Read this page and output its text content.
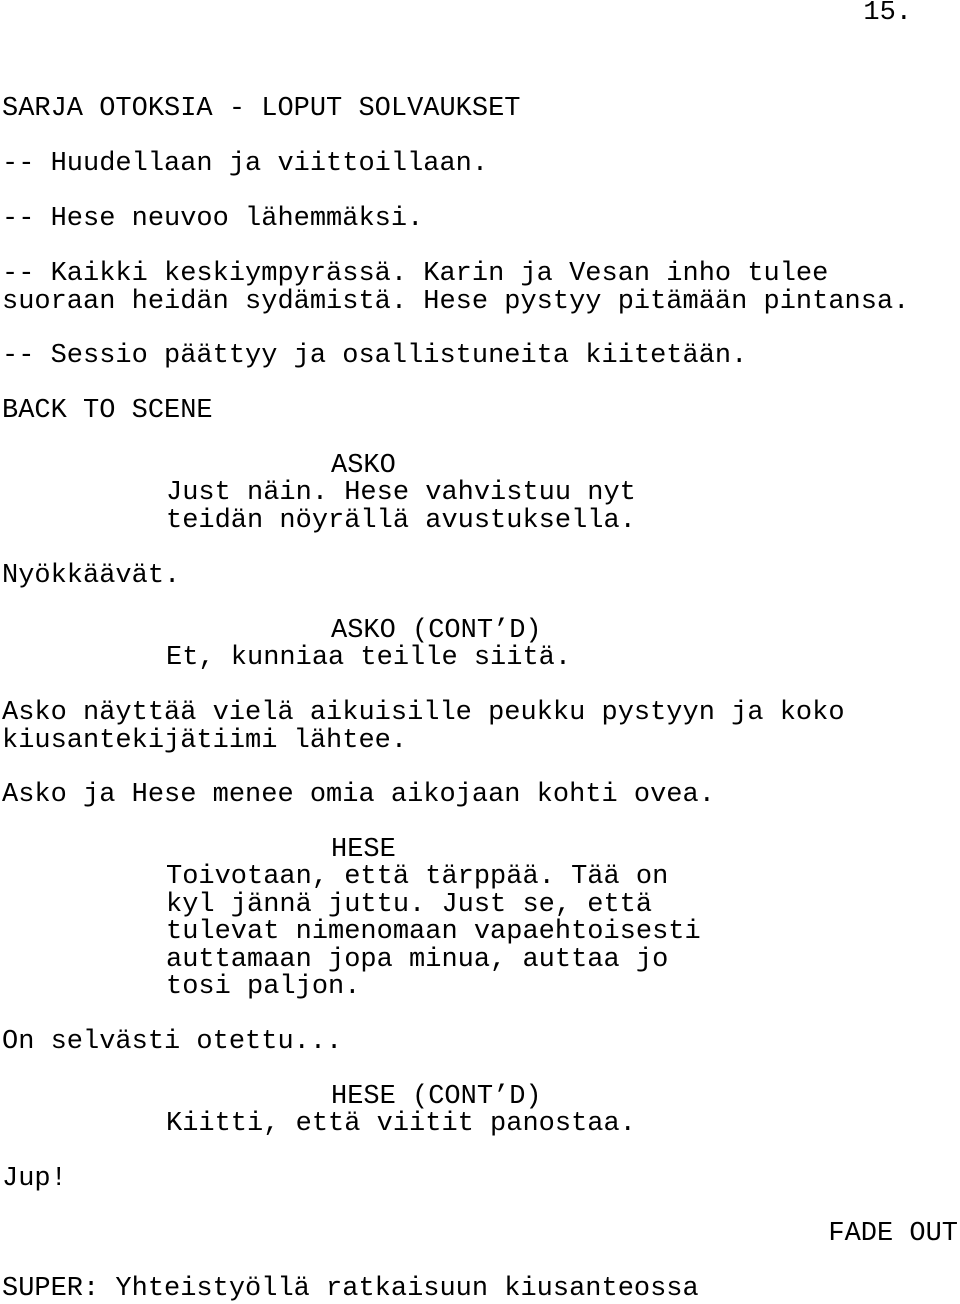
15.
SARJA OTOKSIA - LOPUT SOLVAUKSET
-- Huudellaan ja viittoillaan.
-- Hese neuvoo lähemmäksi.
-- Kaikki keskiympyrässä. Karin ja Vesan inho tulee
suoraan heidän sydämistä. Hese pystyy pitämään pintansa.
-- Sessio päättyy ja osallistuneita kiitetään.
BACK TO SCENE
ASKO
Just näin. Hese vahvistuu nyt
teidän nöyrällä avustuksella.
Nyökkäävät.
ASKO (CONT’D)
Et, kunniaa teille siitä.
Asko näyttää vielä aikuisille peukku pystyyn ja koko
kiusantekijätiimi lähtee.
Asko ja Hese menee omia aikojaan kohti ovea.
HESE
Toivotaan, että tärppää. Tää on
kyl jännä juttu. Just se, että
tulevat nimenomaan vapaehtoisesti
auttamaan jopa minua, auttaa jo
tosi paljon.
On selvästi otettu...
HESE (CONT’D)
Kiitti, että viitit panostaa.
Jup!
FADE OUT
SUPER: Yhteistyöllä ratkaisuun kiusanteossa
